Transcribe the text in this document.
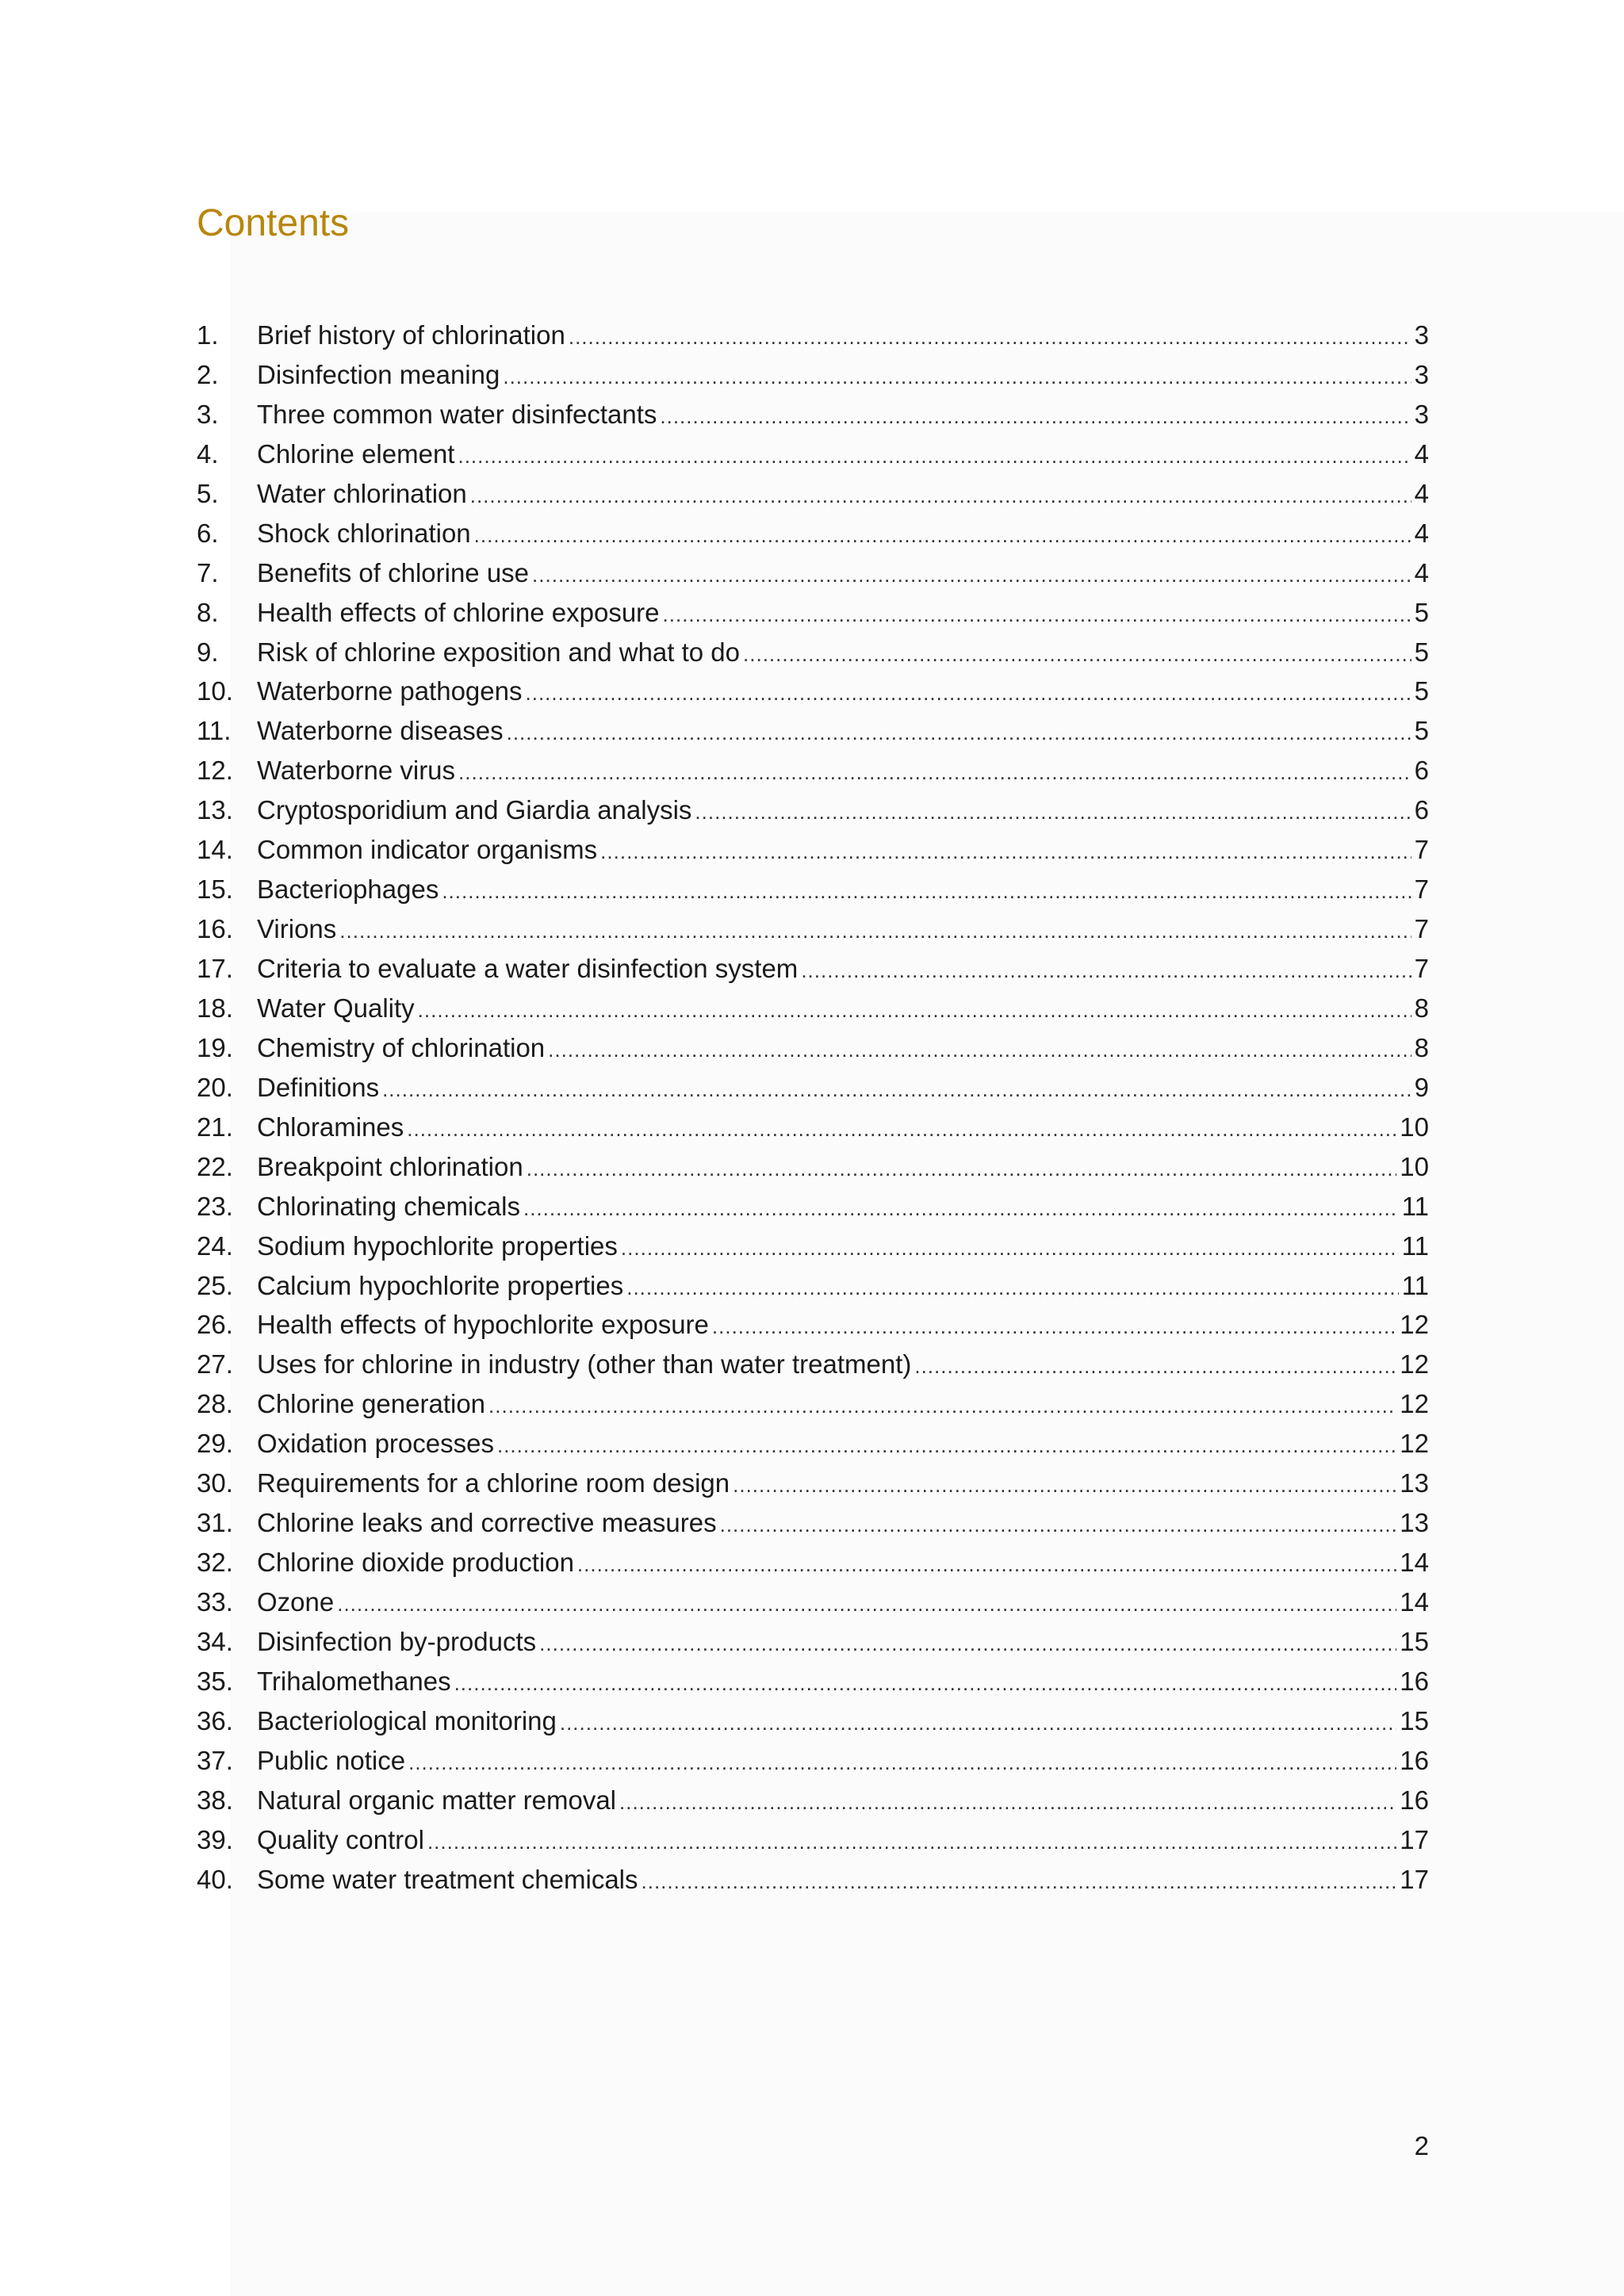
Contents
1.	Brief history of chlorination .....	3
2.	Disinfection meaning .....	3
3.	Three common water disinfectants .....	3
4.	Chlorine element .....	4
5.	Water chlorination .....	4
6.	Shock chlorination .....	4
7.	Benefits of chlorine use .....	4
8.	Health effects of chlorine exposure .....	5
9.	Risk of chlorine exposition and what to do .....	5
10. Waterborne pathogens .....	5
11. Waterborne diseases .....	5
12. Waterborne virus .....	6
13. Cryptosporidium and Giardia analysis .....	6
14. Common indicator organisms .....	7
15. Bacteriophages .....	7
16. Virions .....	7
17. Criteria to evaluate a water disinfection system .....	7
18. Water Quality .....	8
19. Chemistry of chlorination .....	8
20. Definitions .....	9
21. Chloramines .....	10
22. Breakpoint chlorination .....	10
23. Chlorinating chemicals .....	11
24. Sodium hypochlorite properties .....	11
25. Calcium hypochlorite properties .....	11
26. Health effects of hypochlorite exposure .....	12
27. Uses for chlorine in industry (other than water treatment) .....	12
28. Chlorine generation .....	12
29. Oxidation processes .....	12
30. Requirements for a chlorine room design .....	13
31. Chlorine leaks and corrective measures .....	13
32. Chlorine dioxide production .....	14
33. Ozone .....	14
34. Disinfection by-products .....	15
35. Trihalomethanes .....	16
36. Bacteriological monitoring .....	15
37. Public notice .....	16
38. Natural organic matter removal .....	16
39. Quality control .....	17
40. Some water treatment chemicals .....	17
2
